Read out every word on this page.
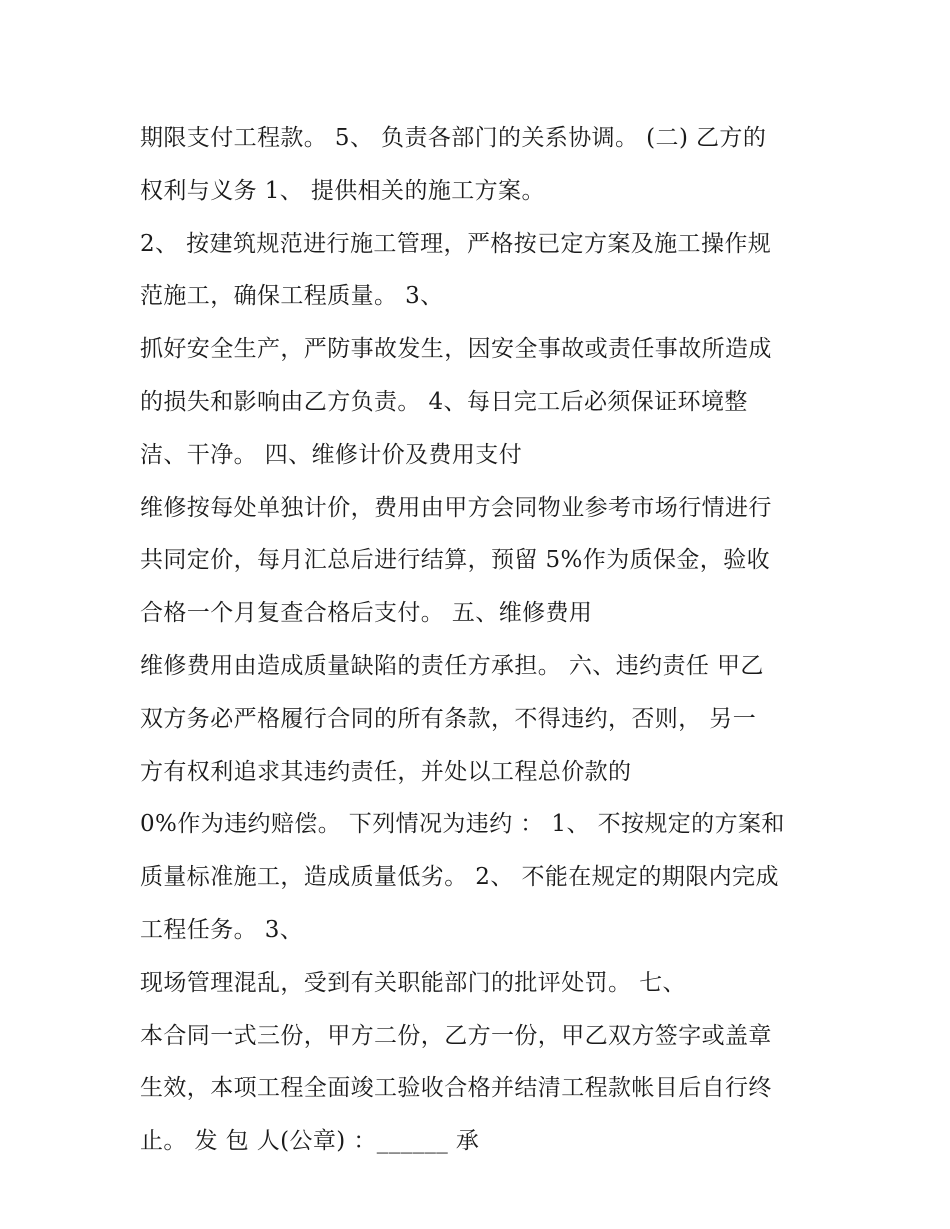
期限支付工程款。 5、 负责各部门的关系协调。 (二) 乙方的
权利与义务 1、 提供相关的施工方案。
2、 按建筑规范进行施工管理，严格按已定方案及施工操作规
范施工，确保工程质量。 3、
抓好安全生产，严防事故发生，因安全事故或责任事故所造成
的损失和影响由乙方负责。 4、每日完工后必须保证环境整
洁、干净。 四、维修计价及费用支付
维修按每处单独计价，费用由甲方会同物业参考市场行情进行
共同定价，每月汇总后进行结算，预留 5%作为质保金，验收
合格一个月复查合格后支付。 五、维修费用
维修费用由造成质量缺陷的责任方承担。 六、违约责任 甲乙
双方务必严格履行合同的所有条款，不得违约，否则， 另一
方有权利追求其违约责任，并处以工程总价款的
0%作为违约赔偿。 下列情况为违约 ： 1、 不按规定的方案和
质量标准施工，造成质量低劣。 2、 不能在规定的期限内完成
工程任务。 3、
现场管理混乱，受到有关职能部门的批评处罚。 七、
本合同一式三份，甲方二份，乙方一份，甲乙双方签字或盖章
生效，本项工程全面竣工验收合格并结清工程款帐目后自行终
止。 发 包 人(公章) ：______ 承
